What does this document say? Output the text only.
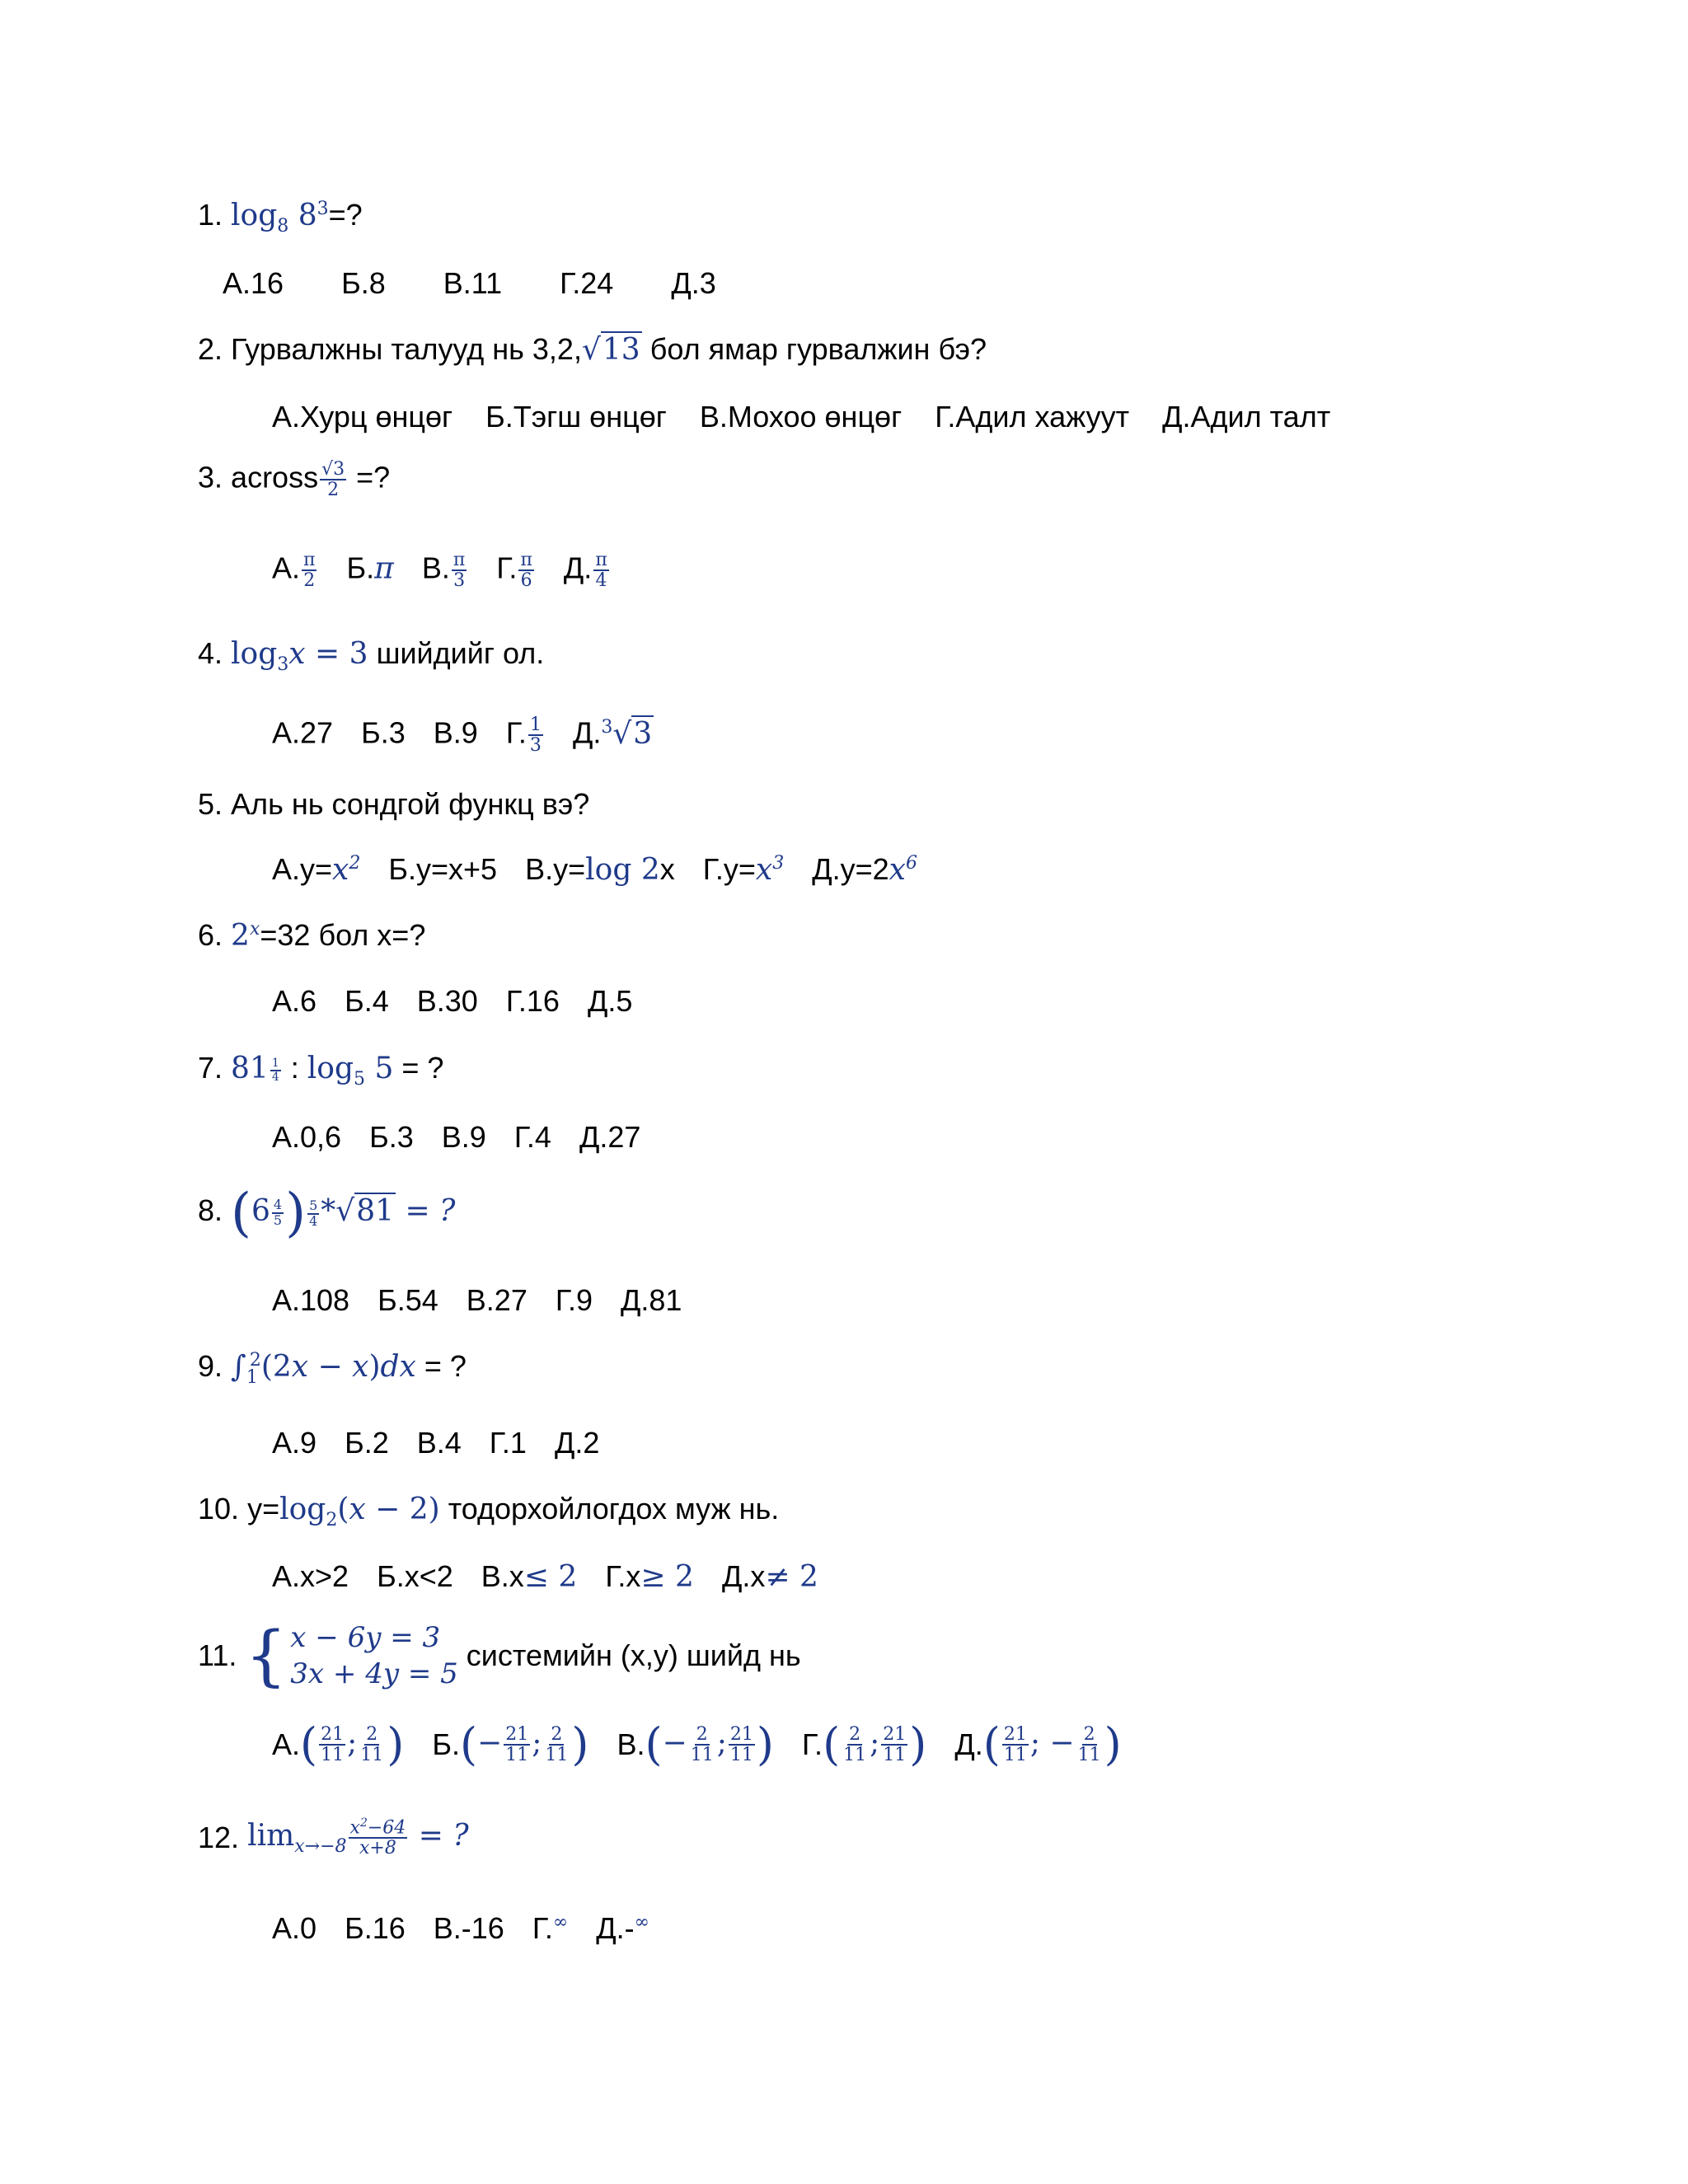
1. $\log_8 8^3=$?
А.16 Б.8 В.11 Г.24 Д.3
2. Гурвалжны талууд нь 3,2,√13 бол ямар гурвалжин бэ?
А.Хурц өнцөг Б.Тэгш өнцөг В.Мохоо өнцөг Г.Адил хажуут Д.Адил талт
3. across $\frac{√3}{2}$ =?
А. $\frac{\pi}{2} Б.\pi$ В. $\frac{\pi}{3} Г$. $\frac{\pi}{6} Д$. $\frac{\pi}{4}$
4. $\log_3x = 3$ шийдийг ол.
А.27 Б.3 В.9 Г. $\frac{1}{3} Д.^3√3$
5. Аль нь сондгой функц вэ?
$А.y=x^2$ Б.y=x+5 В.y=log 2x $Г.y=x^3$ $Д.y=2x^6$
6. $2^x=32$ бол x=?
А.6 Б.4 В.30 Г.16 Д.5
7. $81 \frac{1}{4}$ : $\log_5 5$ = ?
А.0,6 Б.3 В.9 Г.4 Д.27
8. ($6 \frac{4}{5}$ ) $\frac{5}{4} *√81$ = ?
А.108 Б.54 В.27 Г.9 Д.81
9. $\int_1^2(2x - x)dx$ = ?
А.9 Б.2 В.4 Г.1 Д.2
10. $y=\log_2(x - 2)$ тодорхойлогдох муж нь.
А.x>2 Б.x<2 В.x≤ 2 Г.x≥ 2 Д.x≠ 2
11. { x − 6y = 3
3x + 4y = 5
системийн (x,y) шийд нь
$А.( \frac{21}{11}$ ; $\frac{2}{11}$ ) $Б.(- \frac{21}{11}$ ; $\frac{2}{11}$ ) $В.(- \frac{2}{11}$ ; $\frac{21}{11}$ ) $Г.( \frac{2}{11}$ ; $\frac{21}{11}$ ) $Д.( \frac{21}{11}$ ; − $\frac{2}{11}$ )
12. $\lim_{x\to-8} \frac{x^2-64}{x+8}$ = ?
А.0 Б.16 В.-16 Г.∞ Д.-∞
